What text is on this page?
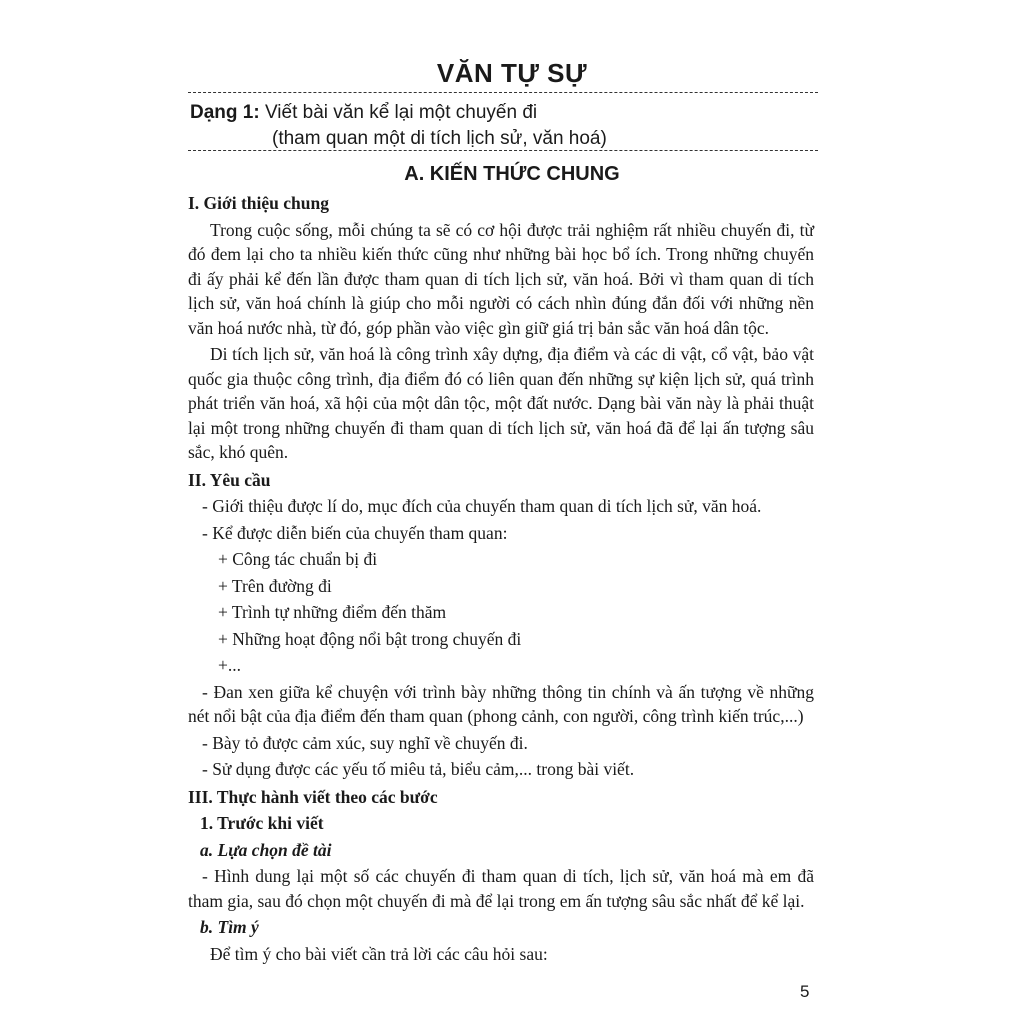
VĂN TỰ SỰ
Dạng 1: Viết bài văn kể lại một chuyến đi
(tham quan một di tích lịch sử, văn hoá)
A. KIẾN THỨC CHUNG

I. Giới thiệu chung

Trong cuộc sống, mỗi chúng ta sẽ có cơ hội được trải nghiệm rất nhiều chuyến đi, từ đó đem lại cho ta nhiều kiến thức cũng như những bài học bổ ích. Trong những chuyến đi ấy phải kể đến lần được tham quan di tích lịch sử, văn hoá. Bởi vì tham quan di tích lịch sử, văn hoá chính là giúp cho mỗi người có cách nhìn đúng đắn đối với những nền văn hoá nước nhà, từ đó, góp phần vào việc gìn giữ giá trị bản sắc văn hoá dân tộc.

Di tích lịch sử, văn hoá là công trình xây dựng, địa điểm và các di vật, cổ vật, bảo vật quốc gia thuộc công trình, địa điểm đó có liên quan đến những sự kiện lịch sử, quá trình phát triển văn hoá, xã hội của một dân tộc, một đất nước. Dạng bài văn này là phải thuật lại một trong những chuyến đi tham quan di tích lịch sử, văn hoá đã để lại ấn tượng sâu sắc, khó quên.

II. Yêu cầu

- Giới thiệu được lí do, mục đích của chuyến tham quan di tích lịch sử, văn hoá.

- Kể được diễn biến của chuyến tham quan:

+ Công tác chuẩn bị đi

+ Trên đường đi

+ Trình tự những điểm đến thăm

+ Những hoạt động nổi bật trong chuyến đi

+...

- Đan xen giữa kể chuyện với trình bày những thông tin chính và ấn tượng về những nét nổi bật của địa điểm đến tham quan (phong cảnh, con người, công trình kiến trúc,...)

- Bày tỏ được cảm xúc, suy nghĩ về chuyến đi.

- Sử dụng được các yếu tố miêu tả, biểu cảm,... trong bài viết.

III. Thực hành viết theo các bước

1. Trước khi viết

a. Lựa chọn đề tài

- Hình dung lại một số các chuyến đi tham quan di tích, lịch sử, văn hoá mà em đã tham gia, sau đó chọn một chuyến đi mà để lại trong em ấn tượng sâu sắc nhất để kể lại.

b. Tìm ý

Để tìm ý cho bài viết cần trả lời các câu hỏi sau:

5
